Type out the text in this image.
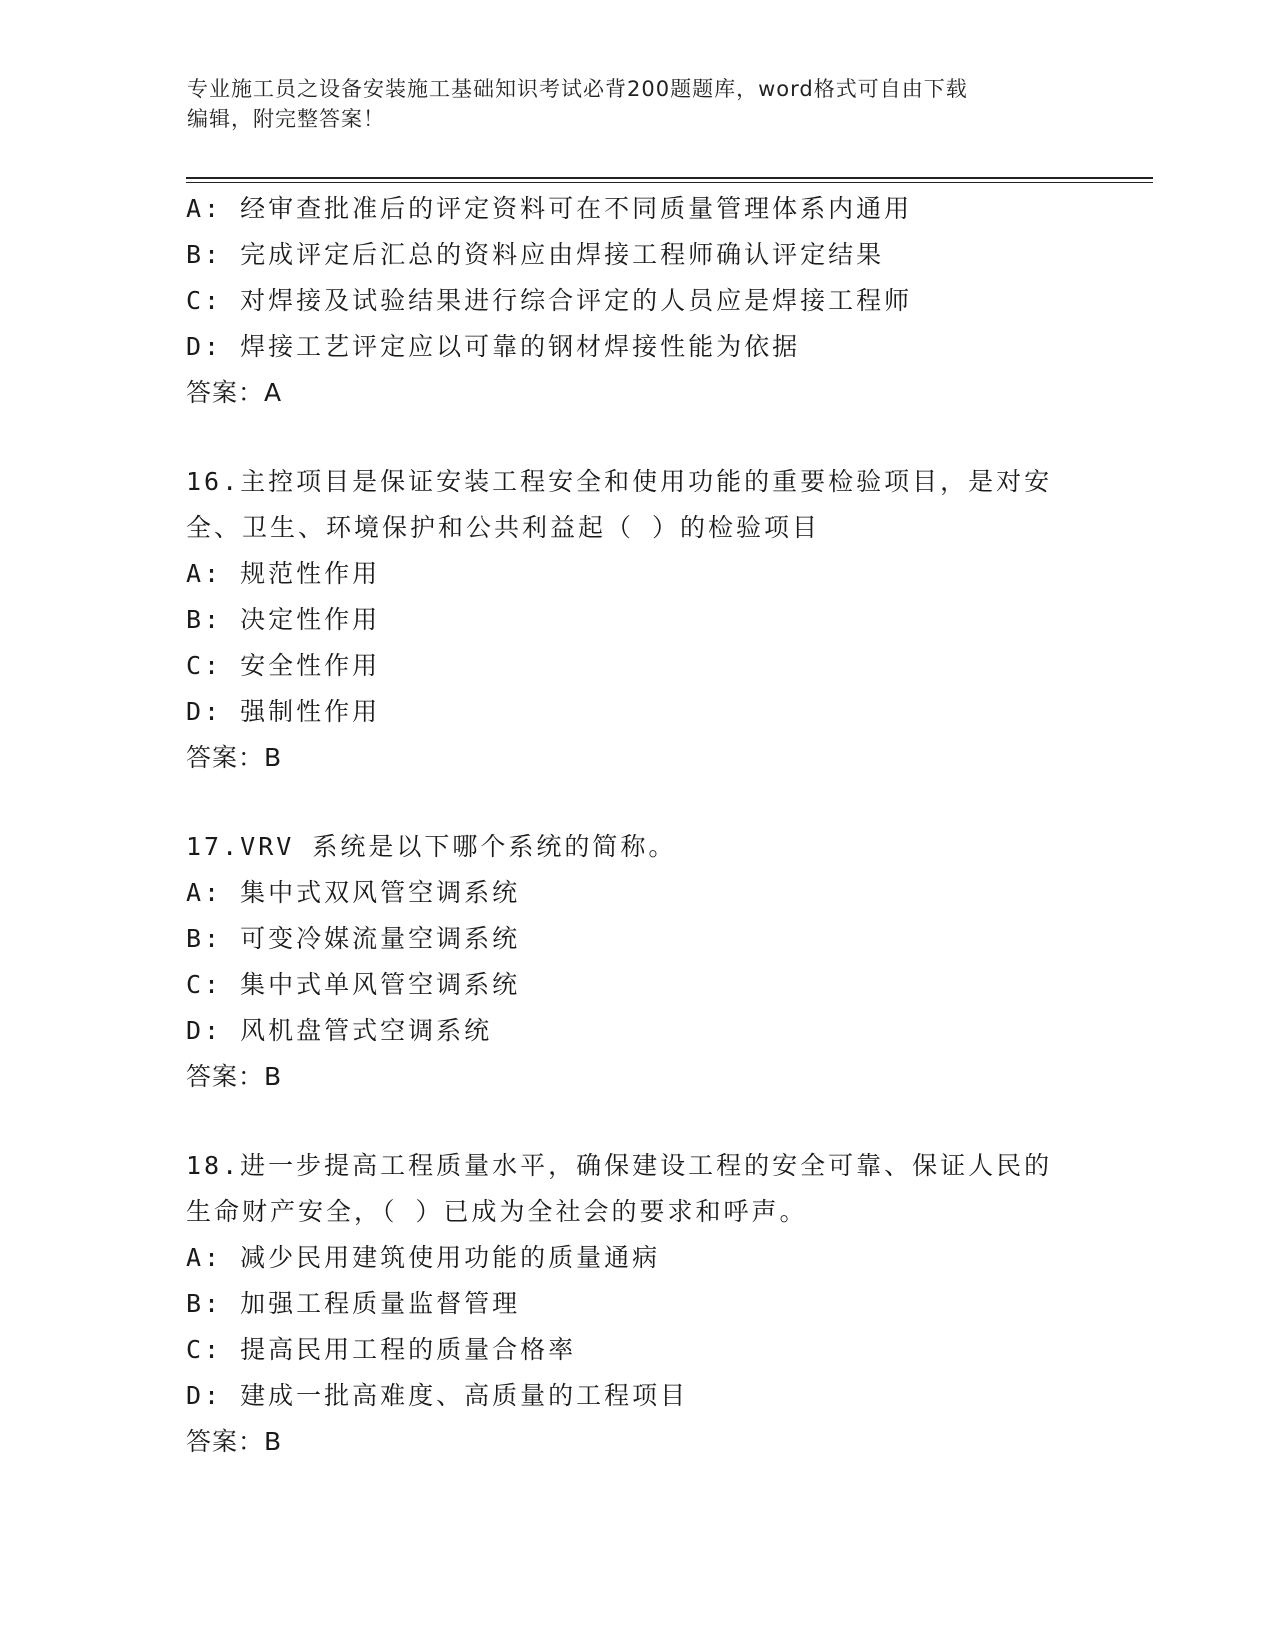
专业施工员之设备安装施工基础知识考试必背200题题库，word格式可自由下载
编辑，附完整答案！
A: 经审查批准后的评定资料可在不同质量管理体系内通用
B: 完成评定后汇总的资料应由焊接工程师确认评定结果
C: 对焊接及试验结果进行综合评定的人员应是焊接工程师
D: 焊接工艺评定应以可靠的钢材焊接性能为依据
答案：A
16.主控项目是保证安装工程安全和使用功能的重要检验项目，是对安
全、卫生、环境保护和公共利益起（ ）的检验项目
A: 规范性作用
B: 决定性作用
C: 安全性作用
D: 强制性作用
答案：B
17.VRV 系统是以下哪个系统的简称。
A: 集中式双风管空调系统
B: 可变冷媒流量空调系统
C: 集中式单风管空调系统
D: 风机盘管式空调系统
答案：B
18.进一步提高工程质量水平，确保建设工程的安全可靠、保证人民的
生命财产安全，（ ）已成为全社会的要求和呼声。
A: 减少民用建筑使用功能的质量通病
B: 加强工程质量监督管理
C: 提高民用工程的质量合格率
D: 建成一批高难度、高质量的工程项目
答案：B
